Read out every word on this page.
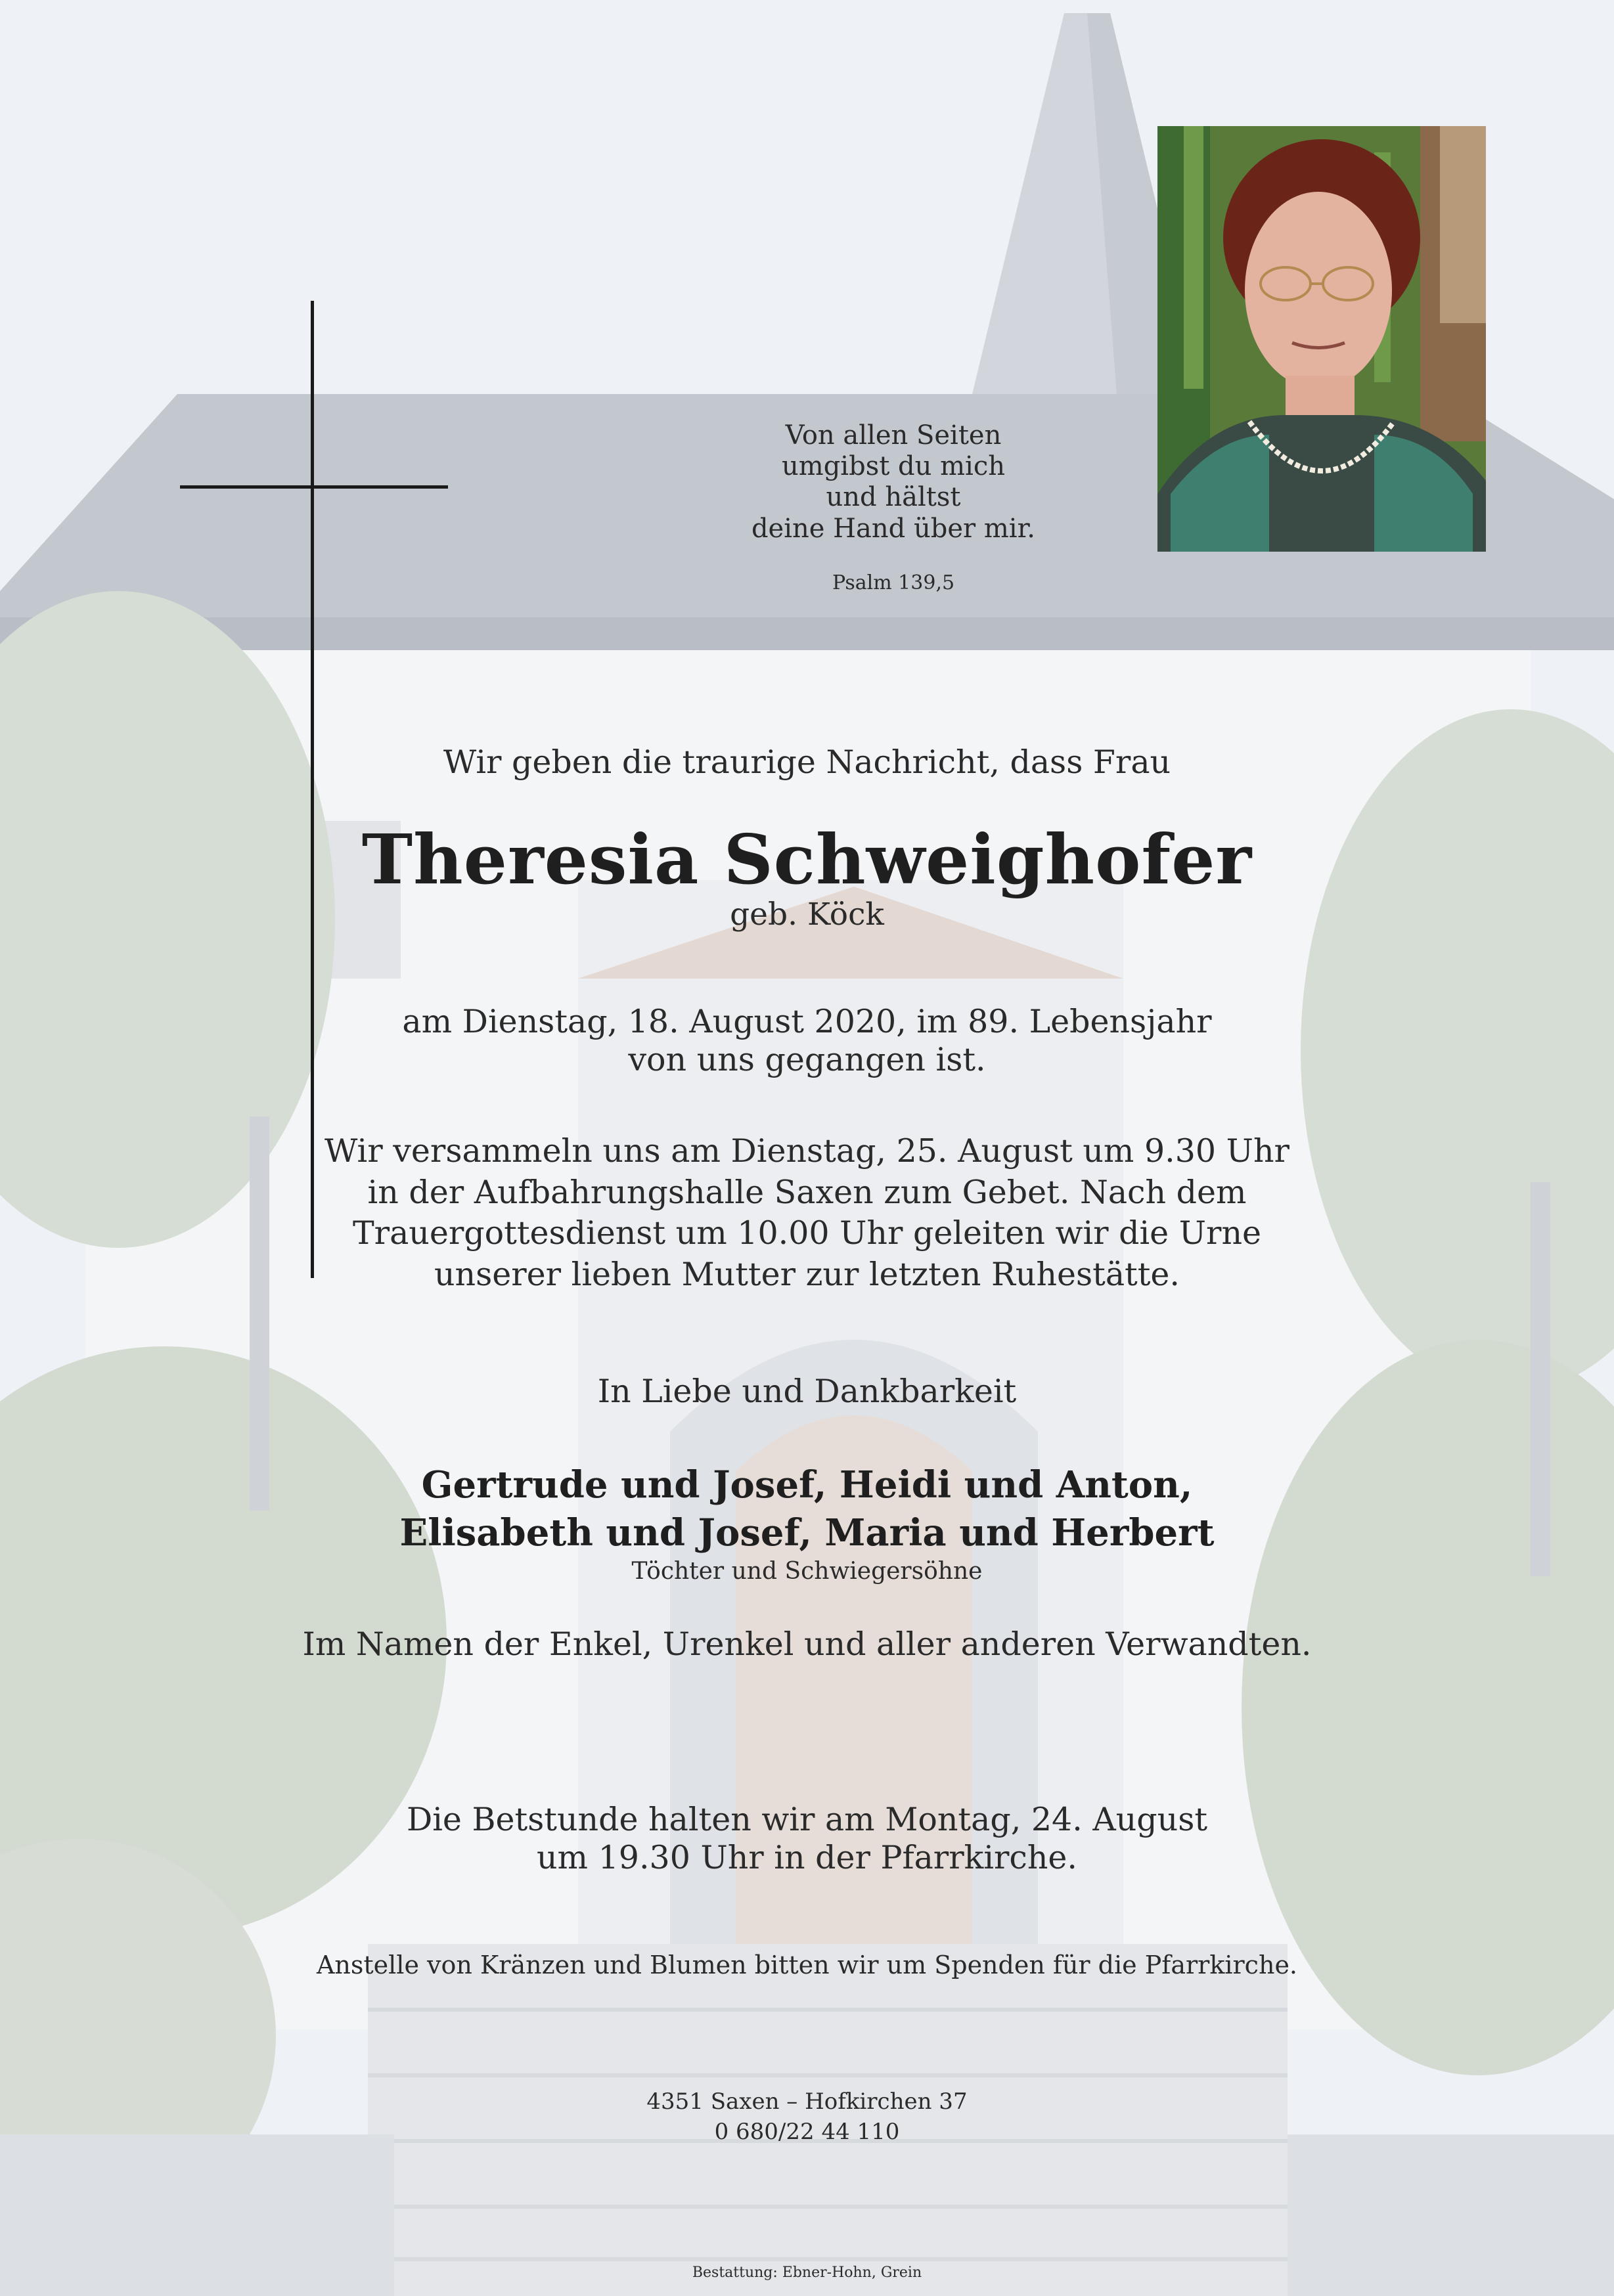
Von allen Seiten
umgibst du mich
und hältst
deine Hand über mir.
Psalm 139,5
Wir geben die traurige Nachricht, dass Frau
Theresia Schweighofer
geb. Köck
am Dienstag, 18. August 2020, im 89. Lebensjahr
von uns gegangen ist.
Wir versammeln uns am Dienstag, 25. August um 9.30 Uhr
in der Aufbahrungshalle Saxen zum Gebet. Nach dem
Trauergottesdienst um 10.00 Uhr geleiten wir die Urne
unserer lieben Mutter zur letzten Ruhestätte.
In Liebe und Dankbarkeit
Gertrude und Josef, Heidi und Anton,
Elisabeth und Josef, Maria und Herbert
Töchter und Schwiegersöhne
Im Namen der Enkel, Urenkel und aller anderen Verwandten.
Die Betstunde halten wir am Montag, 24. August
um 19.30 Uhr in der Pfarrkirche.
Anstelle von Kränzen und Blumen bitten wir um Spenden für die Pfarrkirche.
4351 Saxen – Hofkirchen 37
0 680/22 44 110
Bestattung: Ebner-Hohn, Grein
